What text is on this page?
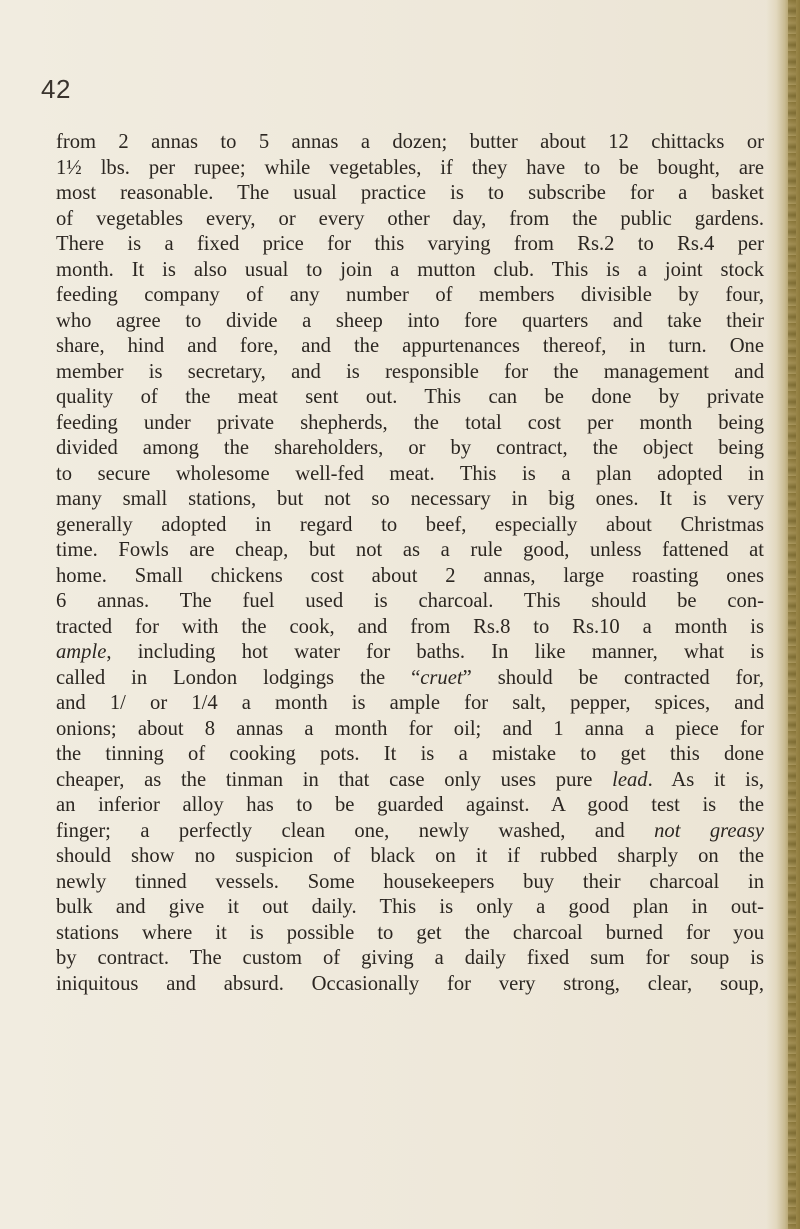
42
from 2 annas to 5 annas a dozen; butter about 12 chittacks or
1½ lbs. per rupee; while vegetables, if they have to be bought, are
most reasonable. The usual practice is to subscribe for a basket
of vegetables every, or every other day, from the public gardens.
There is a fixed price for this varying from Rs.2 to Rs.4 per
month. It is also usual to join a mutton club. This is a joint stock
feeding company of any number of members divisible by four,
who agree to divide a sheep into fore quarters and take their
share, hind and fore, and the appurtenances thereof, in turn. One
member is secretary, and is responsible for the management and
quality of the meat sent out. This can be done by private
feeding under private shepherds, the total cost per month being
divided among the shareholders, or by contract, the object being
to secure wholesome well-fed meat. This is a plan adopted in
many small stations, but not so necessary in big ones. It is very
generally adopted in regard to beef, especially about Christmas
time. Fowls are cheap, but not as a rule good, unless fattened at
home. Small chickens cost about 2 annas, large roasting ones
6 annas. The fuel used is charcoal. This should be con-
tracted for with the cook, and from Rs.8 to Rs.10 a month is
ample, including hot water for baths. In like manner, what is
called in London lodgings the “cruet” should be contracted for,
and 1/ or 1/4 a month is ample for salt, pepper, spices, and
onions; about 8 annas a month for oil; and 1 anna a piece for
the tinning of cooking pots. It is a mistake to get this done
cheaper, as the tinman in that case only uses pure lead. As it is,
an inferior alloy has to be guarded against. A good test is the
finger; a perfectly clean one, newly washed, and not greasy
should show no suspicion of black on it if rubbed sharply on the
newly tinned vessels. Some housekeepers buy their charcoal in
bulk and give it out daily. This is only a good plan in out-
stations where it is possible to get the charcoal burned for you
by contract. The custom of giving a daily fixed sum for soup is
iniquitous and absurd. Occasionally for very strong, clear, soup,
